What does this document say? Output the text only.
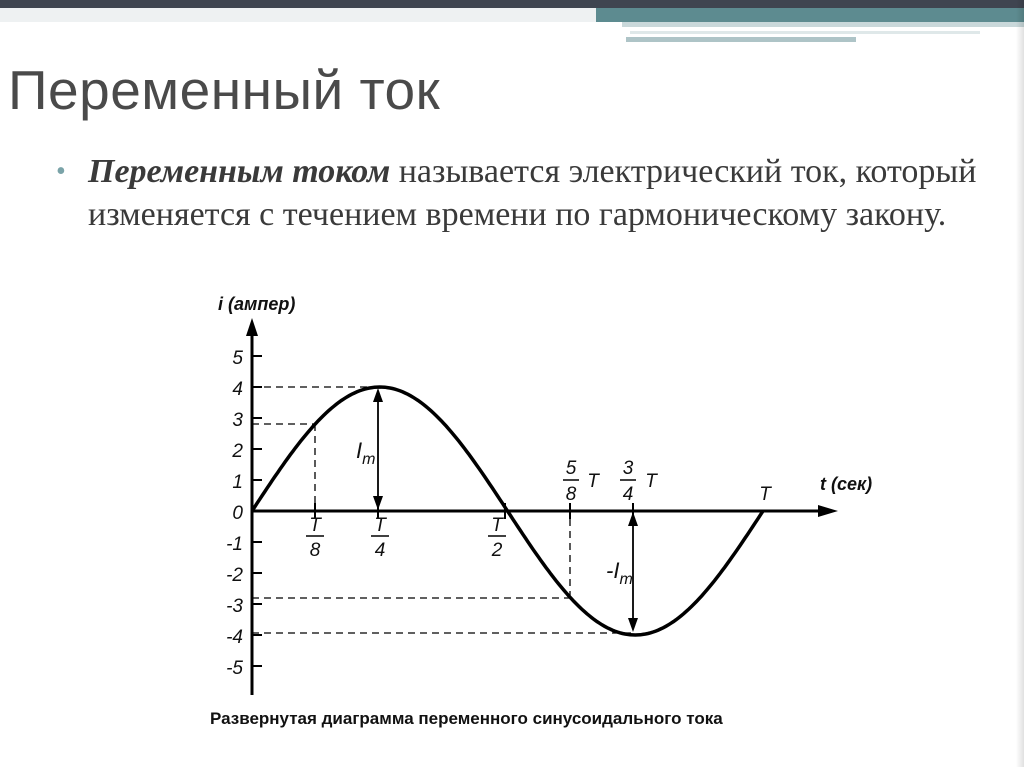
Переменный ток
• Переменным током называется электрический ток, который изменяется с течением времени по гармоническому закону.
5
4
3
2
1
0
-1
-2
-3
-4
-5
i (ампер)
t (сек)
$I_m$
$-I_m$
T
8
T
4
T
2
5
8
T
3
4
T
T
Развернутая диаграмма переменного синусоидального тока
